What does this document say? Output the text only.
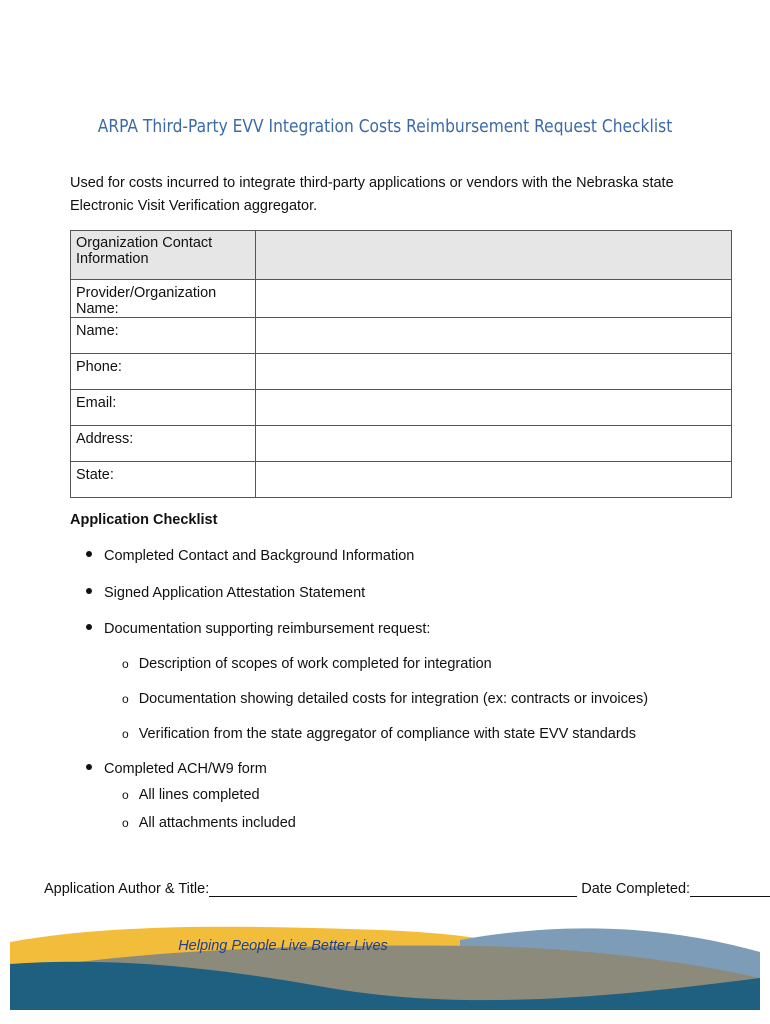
ARPA Third-Party EVV Integration Costs Reimbursement Request Checklist
Used for costs incurred to integrate third-party applications or vendors with the Nebraska state Electronic Visit Verification aggregator.
Organization Contact Information	
Provider/Organization Name:	
Name:	
Phone:	
Email:	
Address:	
State:	
Application Checklist
Completed Contact and Background Information
Signed Application Attestation Statement
Documentation supporting reimbursement request:
o Description of scopes of work completed for integration
o Documentation showing detailed costs for integration (ex: contracts or invoices)
o Verification from the state aggregator of compliance with state EVV standards
Completed ACH/W9 form
o All lines completed
o All attachments included
Application Author & Title:	Date Completed:
Helping People Live Better Lives
